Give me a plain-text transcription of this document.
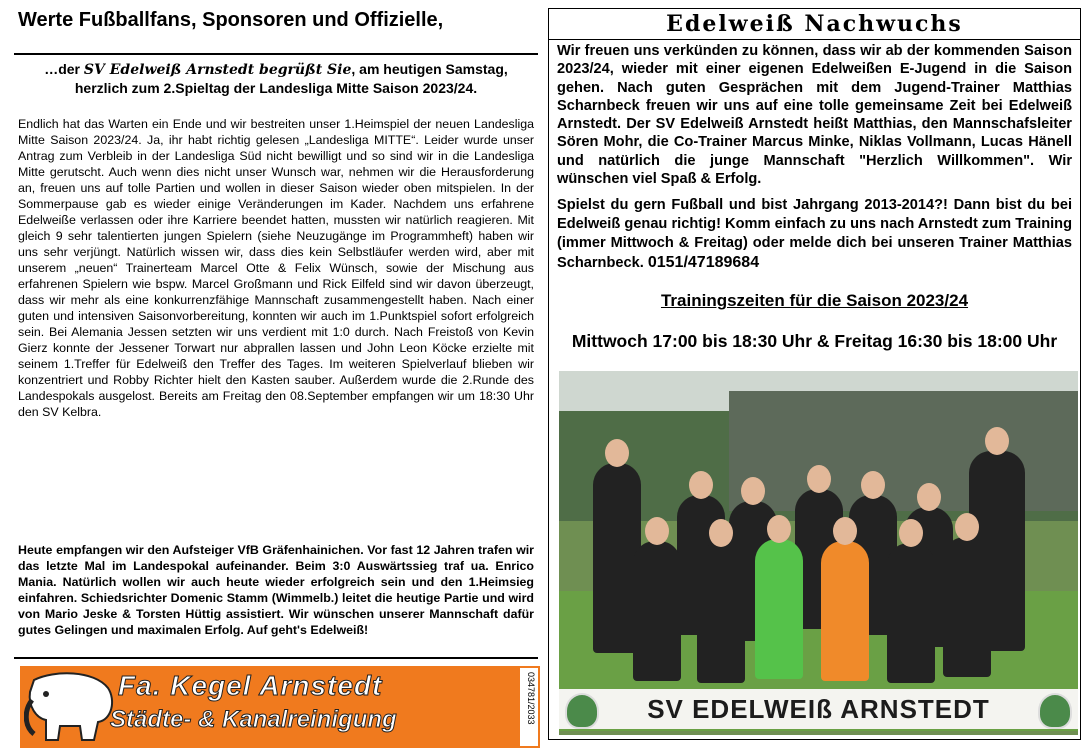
Werte Fußballfans, Sponsoren und Offizielle,
…der SV Edelweiß Arnstedt begrüßt Sie, am heutigen Samstag,
herzlich zum 2.Spieltag der Landesliga Mitte Saison 2023/24.
Endlich hat das Warten ein Ende und wir bestreiten unser 1.Heimspiel der neuen Landesliga Mitte Saison 2023/24. Ja, ihr habt richtig gelesen „Landesliga MITTE“. Leider wurde unser Antrag zum Verbleib in der Landesliga Süd nicht bewilligt und so sind wir in die Landesliga Mitte gerutscht. Auch wenn dies nicht unser Wunsch war, nehmen wir die Herausforderung an, freuen uns auf tolle Partien und wollen in dieser Saison wieder oben mitspielen. In der Sommerpause gab es wieder einige Veränderungen im Kader. Nachdem uns erfahrene Edelweiße verlassen oder ihre Karriere beendet hatten, mussten wir natürlich reagieren. Mit gleich 9 sehr talentierten jungen Spielern (siehe Neuzugänge im Programmheft) haben wir uns sehr verjüngt. Natürlich wissen wir, dass dies kein Selbstläufer werden wird, aber mit unserem „neuen“ Trainerteam Marcel Otte & Felix Wünsch, sowie der Mischung aus erfahrenen Spielern wie bspw. Marcel Großmann und Rick Eilfeld sind wir davon überzeugt, dass wir mehr als eine konkurrenzfähige Mannschaft zusammengestellt haben. Nach einer guten und intensiven Saisonvorbereitung, konnten wir auch im 1.Punktspiel sofort erfolgreich sein. Bei Alemania Jessen setzten wir uns verdient mit 1:0 durch. Nach Freistoß von Kevin Gierz konnte der Jessener Torwart nur abprallen lassen und John Leon Köcke erzielte mit seinem 1.Treffer für Edelweiß den Treffer des Tages. Im weiteren Spielverlauf blieben wir konzentriert und Robby Richter hielt den Kasten sauber. Außerdem wurde die 2.Runde des Landespokals ausgelost. Bereits am Freitag den 08.September empfangen wir um 18:30 Uhr den SV Kelbra.
Heute empfangen wir den Aufsteiger VfB Gräfenhainichen. Vor fast 12 Jahren trafen wir das letzte Mal im Landespokal aufeinander. Beim 3:0 Auswärtssieg traf ua. Enrico Mania. Natürlich wollen wir auch heute wieder erfolgreich sein und den 1.Heimsieg einfahren. Schiedsrichter Domenic Stamm (Wimmelb.) leitet die heutige Partie und wird von Mario Jeske & Torsten Hüttig assistiert. Wir wünschen unserer Mannschaft dafür gutes Gelingen und maximalen Erfolg. Auf geht's Edelweiß!
Fa. Kegel Arnstedt
Städte- & Kanalreinigung	034781/2033
Edelweiß Nachwuchs
Wir freuen uns verkünden zu können, dass wir ab der kommenden Saison 2023/24, wieder mit einer eigenen Edelweißen E-Jugend in die Saison gehen. Nach guten Gesprächen mit dem Jugend-Trainer Matthias Scharnbeck freuen wir uns auf eine tolle gemeinsame Zeit bei Edelweiß Arnstedt. Der SV Edelweiß Arnstedt heißt Matthias, den Mannschafsleiter Sören Mohr, die Co-Trainer Marcus Minke, Niklas Vollmann, Lucas Hänell und natürlich die junge Mannschaft "Herzlich Willkommen". Wir wünschen viel Spaß & Erfolg.
Spielst du gern Fußball und bist Jahrgang 2013-2014?! Dann bist du bei Edelweiß genau richtig! Komm einfach zu uns nach Arnstedt zum Training (immer Mittwoch & Freitag) oder melde dich bei unseren Trainer Matthias Scharnbeck. 0151/47189684
Trainingszeiten für die Saison 2023/24
Mittwoch 17:00 bis 18:30 Uhr & Freitag 16:30 bis 18:00 Uhr
SV EDELWEIß ARNSTEDT
